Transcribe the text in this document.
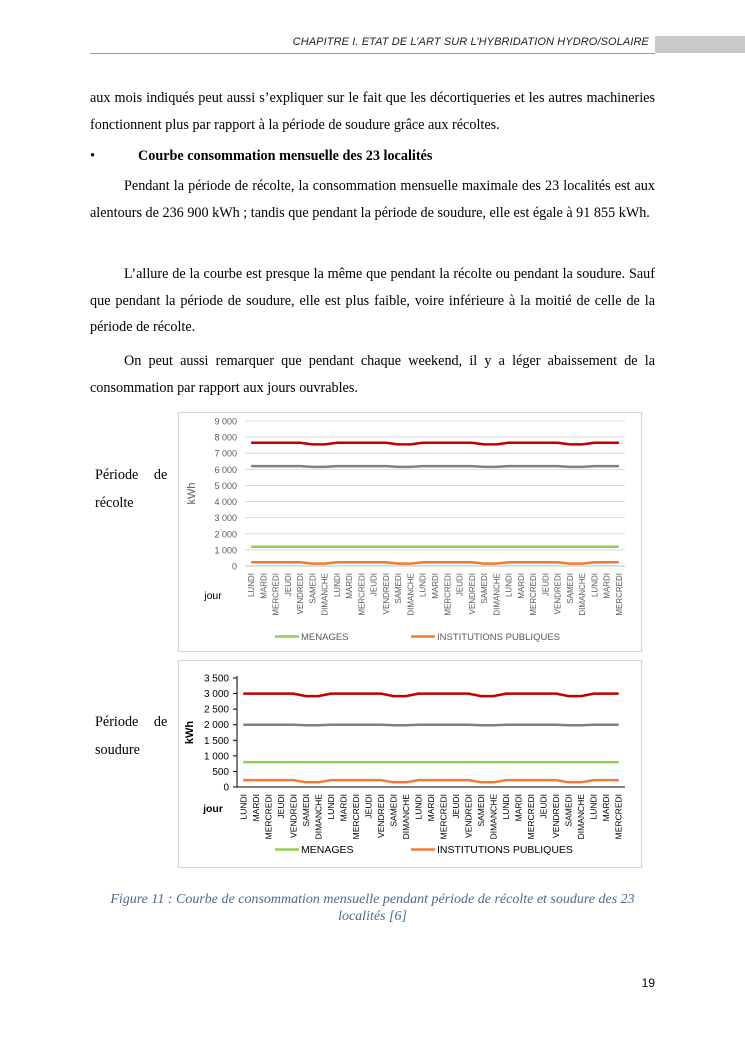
CHAPITRE I. ETAT DE L’ART SUR L’HYBRIDATION HYDRO/SOLAIRE
aux mois indiqués peut aussi s’expliquer sur le fait que les décortiqueries et les autres machineries fonctionnent plus par rapport à la période de soudure grâce aux récoltes.
•	Courbe consommation mensuelle des 23 localités
Pendant la période de récolte, la consommation mensuelle maximale des 23 localités est aux alentours de 236 900 kWh ; tandis que pendant la période de soudure, elle est égale à 91 855 kWh.
L’allure de la courbe est presque la même que pendant la récolte ou pendant la soudure. Sauf que pendant la période de soudure, elle est plus faible, voire inférieure à la moitié de celle de la période de récolte.
On peut aussi remarquer que pendant chaque weekend, il y a léger abaissement de la consommation par rapport aux jours ouvrables.
Période de
récolte
Période de
soudure
0
1 000
2 000
3 000
4 000
5 000
6 000
7 000
8 000
9 000
LUNDI MARDI MERCREDI JEUDI VENDREDI SAMEDI DIMANCHE LUNDI MARDI MERCREDI JEUDI VENDREDI SAMEDI DIMANCHE LUNDI MARDI MERCREDI JEUDI VENDREDI SAMEDI DIMANCHE LUNDI MARDI MERCREDI JEUDI VENDREDI SAMEDI DIMANCHE LUNDI MARDI MERCREDI
kWh
jour
MENAGES	INSTITUTIONS PUBLIQUES
0
500
1 000
1 500
2 000
2 500
3 000
3 500
LUNDI MARDI MERCREDI JEUDI VENDREDI SAMEDI DIMANCHE LUNDI MARDI MERCREDI JEUDI VENDREDI SAMEDI DIMANCHE LUNDI MARDI MERCREDI JEUDI VENDREDI SAMEDI DIMANCHE LUNDI MARDI MERCREDI JEUDI VENDREDI SAMEDI DIMANCHE LUNDI MARDI MERCREDI
kWh
jour
MENAGES	INSTITUTIONS PUBLIQUES
Figure 11 : Courbe de consommation mensuelle pendant période de récolte et soudure des 23
localités [6]
19
